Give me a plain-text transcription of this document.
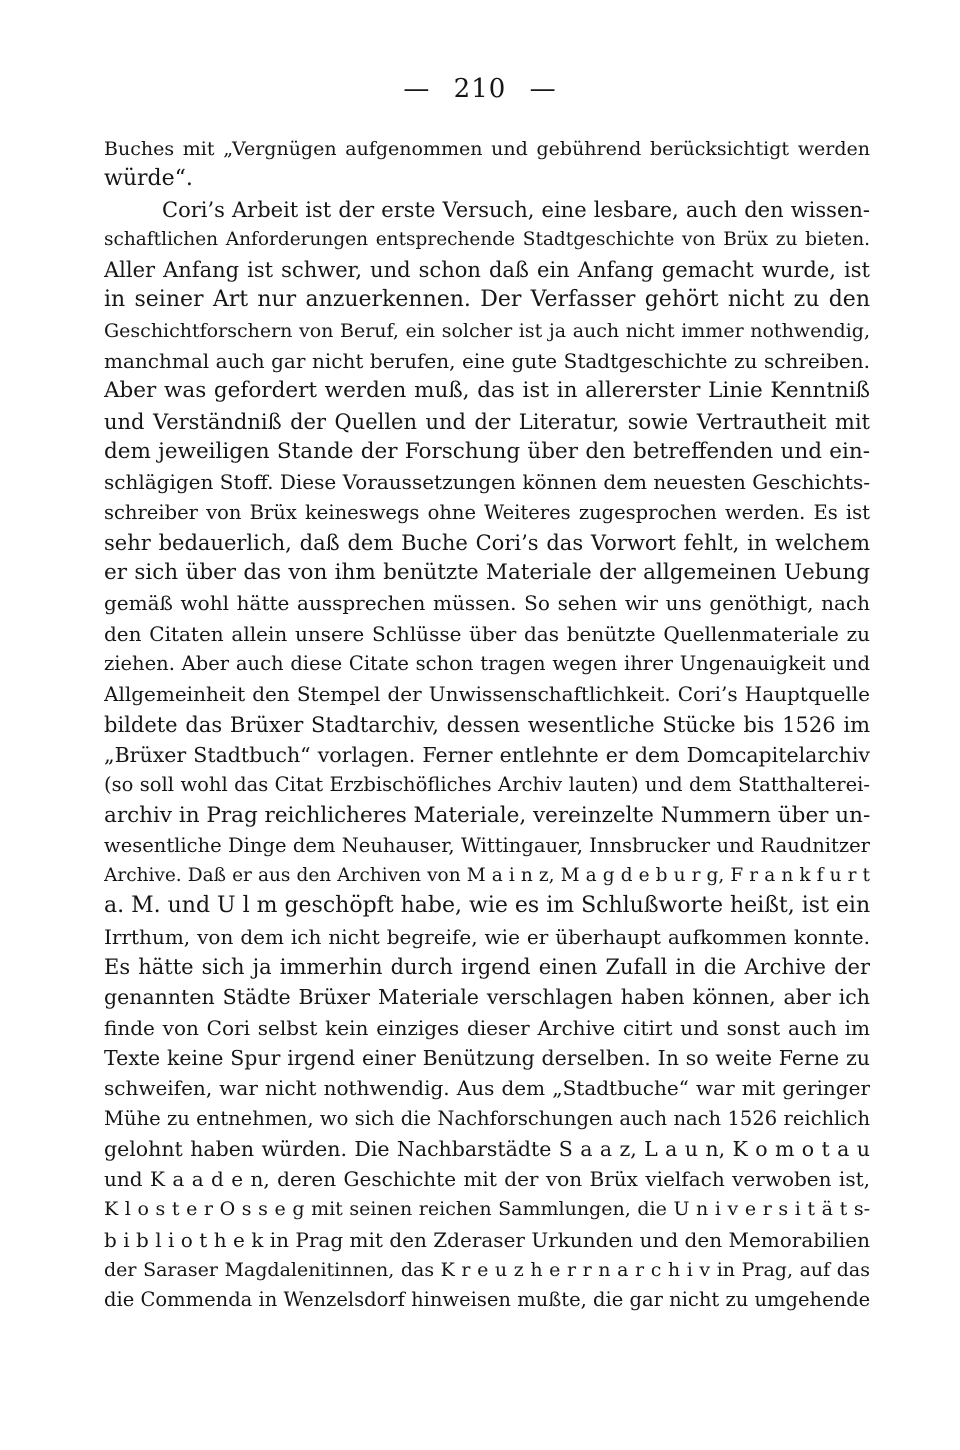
— 210 —
Buches mit „Vergnügen aufgenommen und gebührend berücksichtigt werden
würde“.
Cori’s Arbeit ist der erste Versuch, eine lesbare, auch den wissen-
schaftlichen Anforderungen entsprechende Stadtgeschichte von Brüx zu bieten.
Aller Anfang ist schwer, und schon daß ein Anfang gemacht wurde, ist
in seiner Art nur anzuerkennen. Der Verfasser gehört nicht zu den
Geschichtforschern von Beruf, ein solcher ist ja auch nicht immer nothwendig,
manchmal auch gar nicht berufen, eine gute Stadtgeschichte zu schreiben.
Aber was gefordert werden muß, das ist in allererster Linie Kenntniß
und Verständniß der Quellen und der Literatur, sowie Vertrautheit mit
dem jeweiligen Stande der Forschung über den betreffenden und ein-
schlägigen Stoff. Diese Voraussetzungen können dem neuesten Geschichts-
schreiber von Brüx keineswegs ohne Weiteres zugesprochen werden. Es ist
sehr bedauerlich, daß dem Buche Cori’s das Vorwort fehlt, in welchem
er sich über das von ihm benützte Materiale der allgemeinen Uebung
gemäß wohl hätte aussprechen müssen. So sehen wir uns genöthigt, nach
den Citaten allein unsere Schlüsse über das benützte Quellenmateriale zu
ziehen. Aber auch diese Citate schon tragen wegen ihrer Ungenauigkeit und
Allgemeinheit den Stempel der Unwissenschaftlichkeit. Cori’s Hauptquelle
bildete das Brüxer Stadtarchiv, dessen wesentliche Stücke bis 1526 im
„Brüxer Stadtbuch“ vorlagen. Ferner entlehnte er dem Domcapitelarchiv
(so soll wohl das Citat Erzbischöfliches Archiv lauten) und dem Statthalterei-
archiv in Prag reichlicheres Materiale, vereinzelte Nummern über un-
wesentliche Dinge dem Neuhauser, Wittingauer, Innsbrucker und Raudnitzer
Archive. Daß er aus den Archiven von M a i n z, M a g d e b u r g, F r a n k f u r t
a. M. und U l m geschöpft habe, wie es im Schlußworte heißt, ist ein
Irrthum, von dem ich nicht begreife, wie er überhaupt aufkommen konnte.
Es hätte sich ja immerhin durch irgend einen Zufall in die Archive der
genannten Städte Brüxer Materiale verschlagen haben können, aber ich
finde von Cori selbst kein einziges dieser Archive citirt und sonst auch im
Texte keine Spur irgend einer Benützung derselben. In so weite Ferne zu
schweifen, war nicht nothwendig. Aus dem „Stadtbuche“ war mit geringer
Mühe zu entnehmen, wo sich die Nachforschungen auch nach 1526 reichlich
gelohnt haben würden. Die Nachbarstädte S a a z, L a u n, K o m o t a u
und K a a d e n, deren Geschichte mit der von Brüx vielfach verwoben ist,
K l o s t e r O s s e g mit seinen reichen Sammlungen, die U n i v e r s i t ä t s-
b i b l i o t h e k in Prag mit den Zderaser Urkunden und den Memorabilien
der Saraser Magdalenitinnen, das K r e u z h e r r n a r c h i v in Prag, auf das
die Commenda in Wenzelsdorf hinweisen mußte, die gar nicht zu umgehende
